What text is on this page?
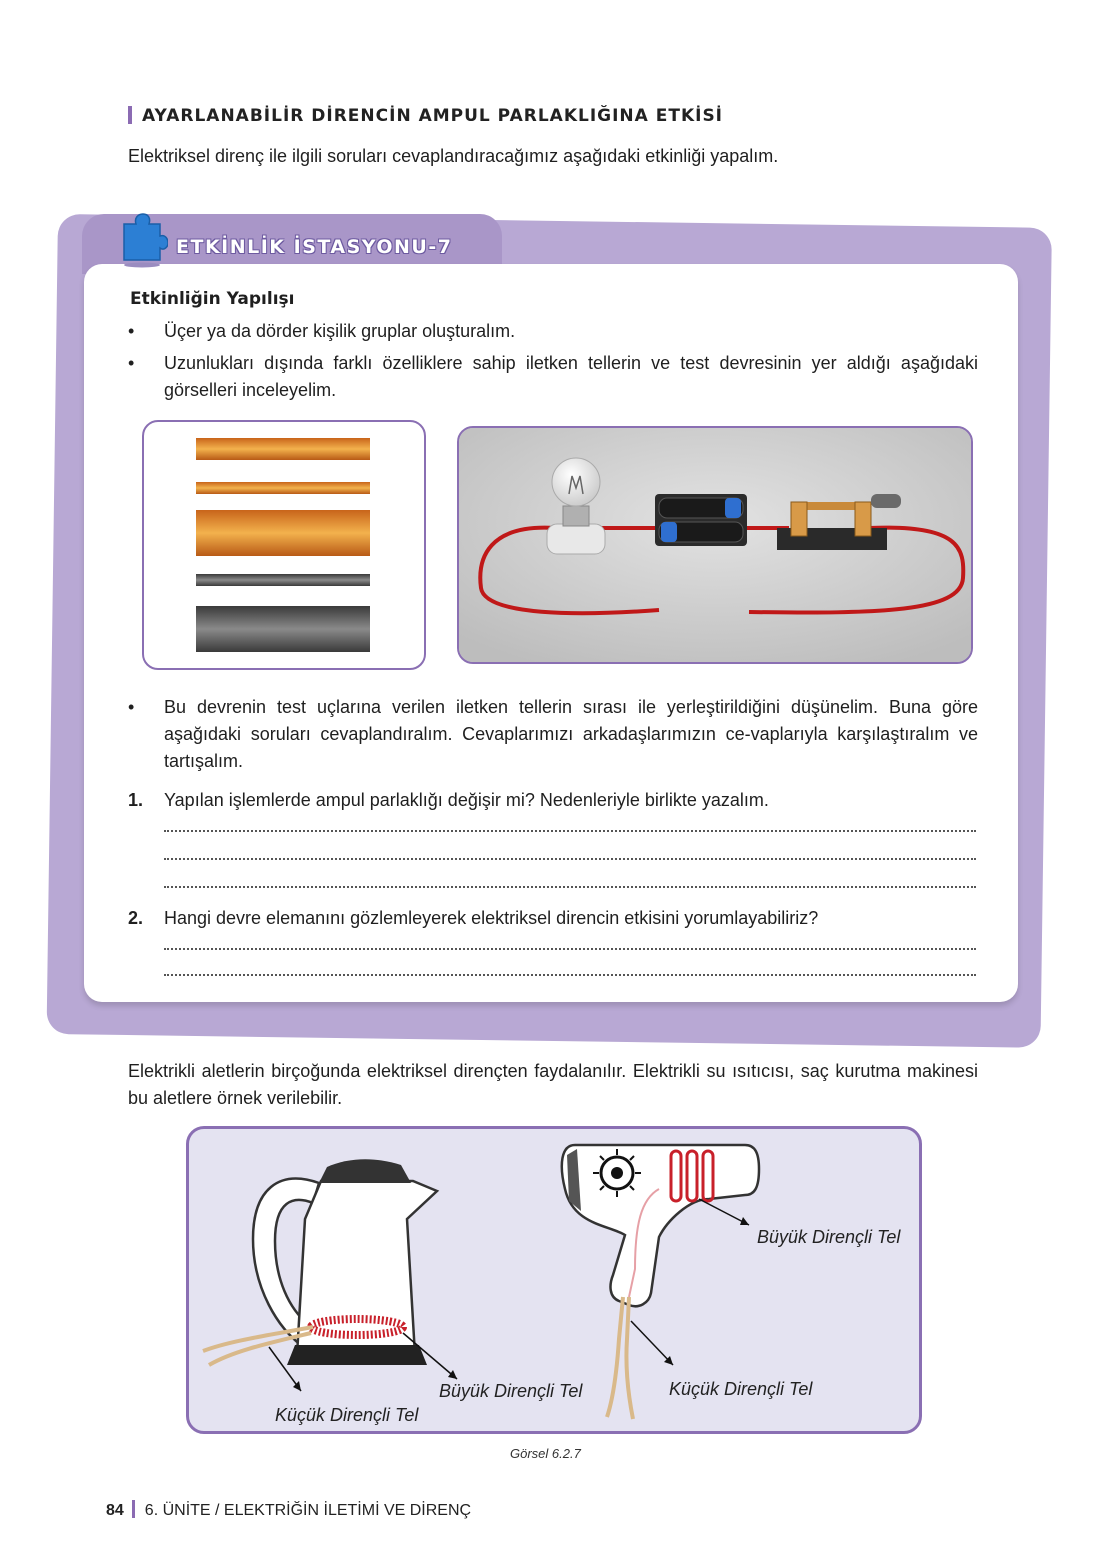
AYARLANABİLİR DİRENCİN AMPUL PARLAKLIĞINA ETKİSİ
Elektriksel direnç ile ilgili soruları cevaplandıracağımız aşağıdaki etkinliği yapalım.
ETKİNLİK İSTASYONU-7
Etkinliğin Yapılışı
• Üçer ya da dörder kişilik gruplar oluşturalım.
• Uzunlukları dışında farklı özelliklere sahip iletken tellerin ve test devresinin yer aldığı aşağıdaki görselleri inceleyelim.
• Bu devrenin test uçlarına verilen iletken tellerin sırası ile yerleştirildiğini düşünelim. Buna göre aşağıdaki soruları cevaplandıralım. Cevaplarımızı arkadaşlarımızın ce-vaplarıyla karşılaştıralım ve tartışalım.
1. Yapılan işlemlerde ampul parlaklığı değişir mi? Nedenleriyle birlikte yazalım.
2. Hangi devre elemanını gözlemleyerek elektriksel direncin etkisini yorumlayabiliriz?
Elektrikli aletlerin birçoğunda elektriksel dirençten faydalanılır. Elektrikli su ısıtıcısı, saç kurutma makinesi bu aletlere örnek verilebilir.
Küçük Dirençli Tel
Büyük Dirençli Tel
Büyük Dirençli Tel
Küçük Dirençli Tel
Görsel 6.2.7
84 6. ÜNİTE / ELEKTRİĞİN İLETİMİ VE DİRENÇ
